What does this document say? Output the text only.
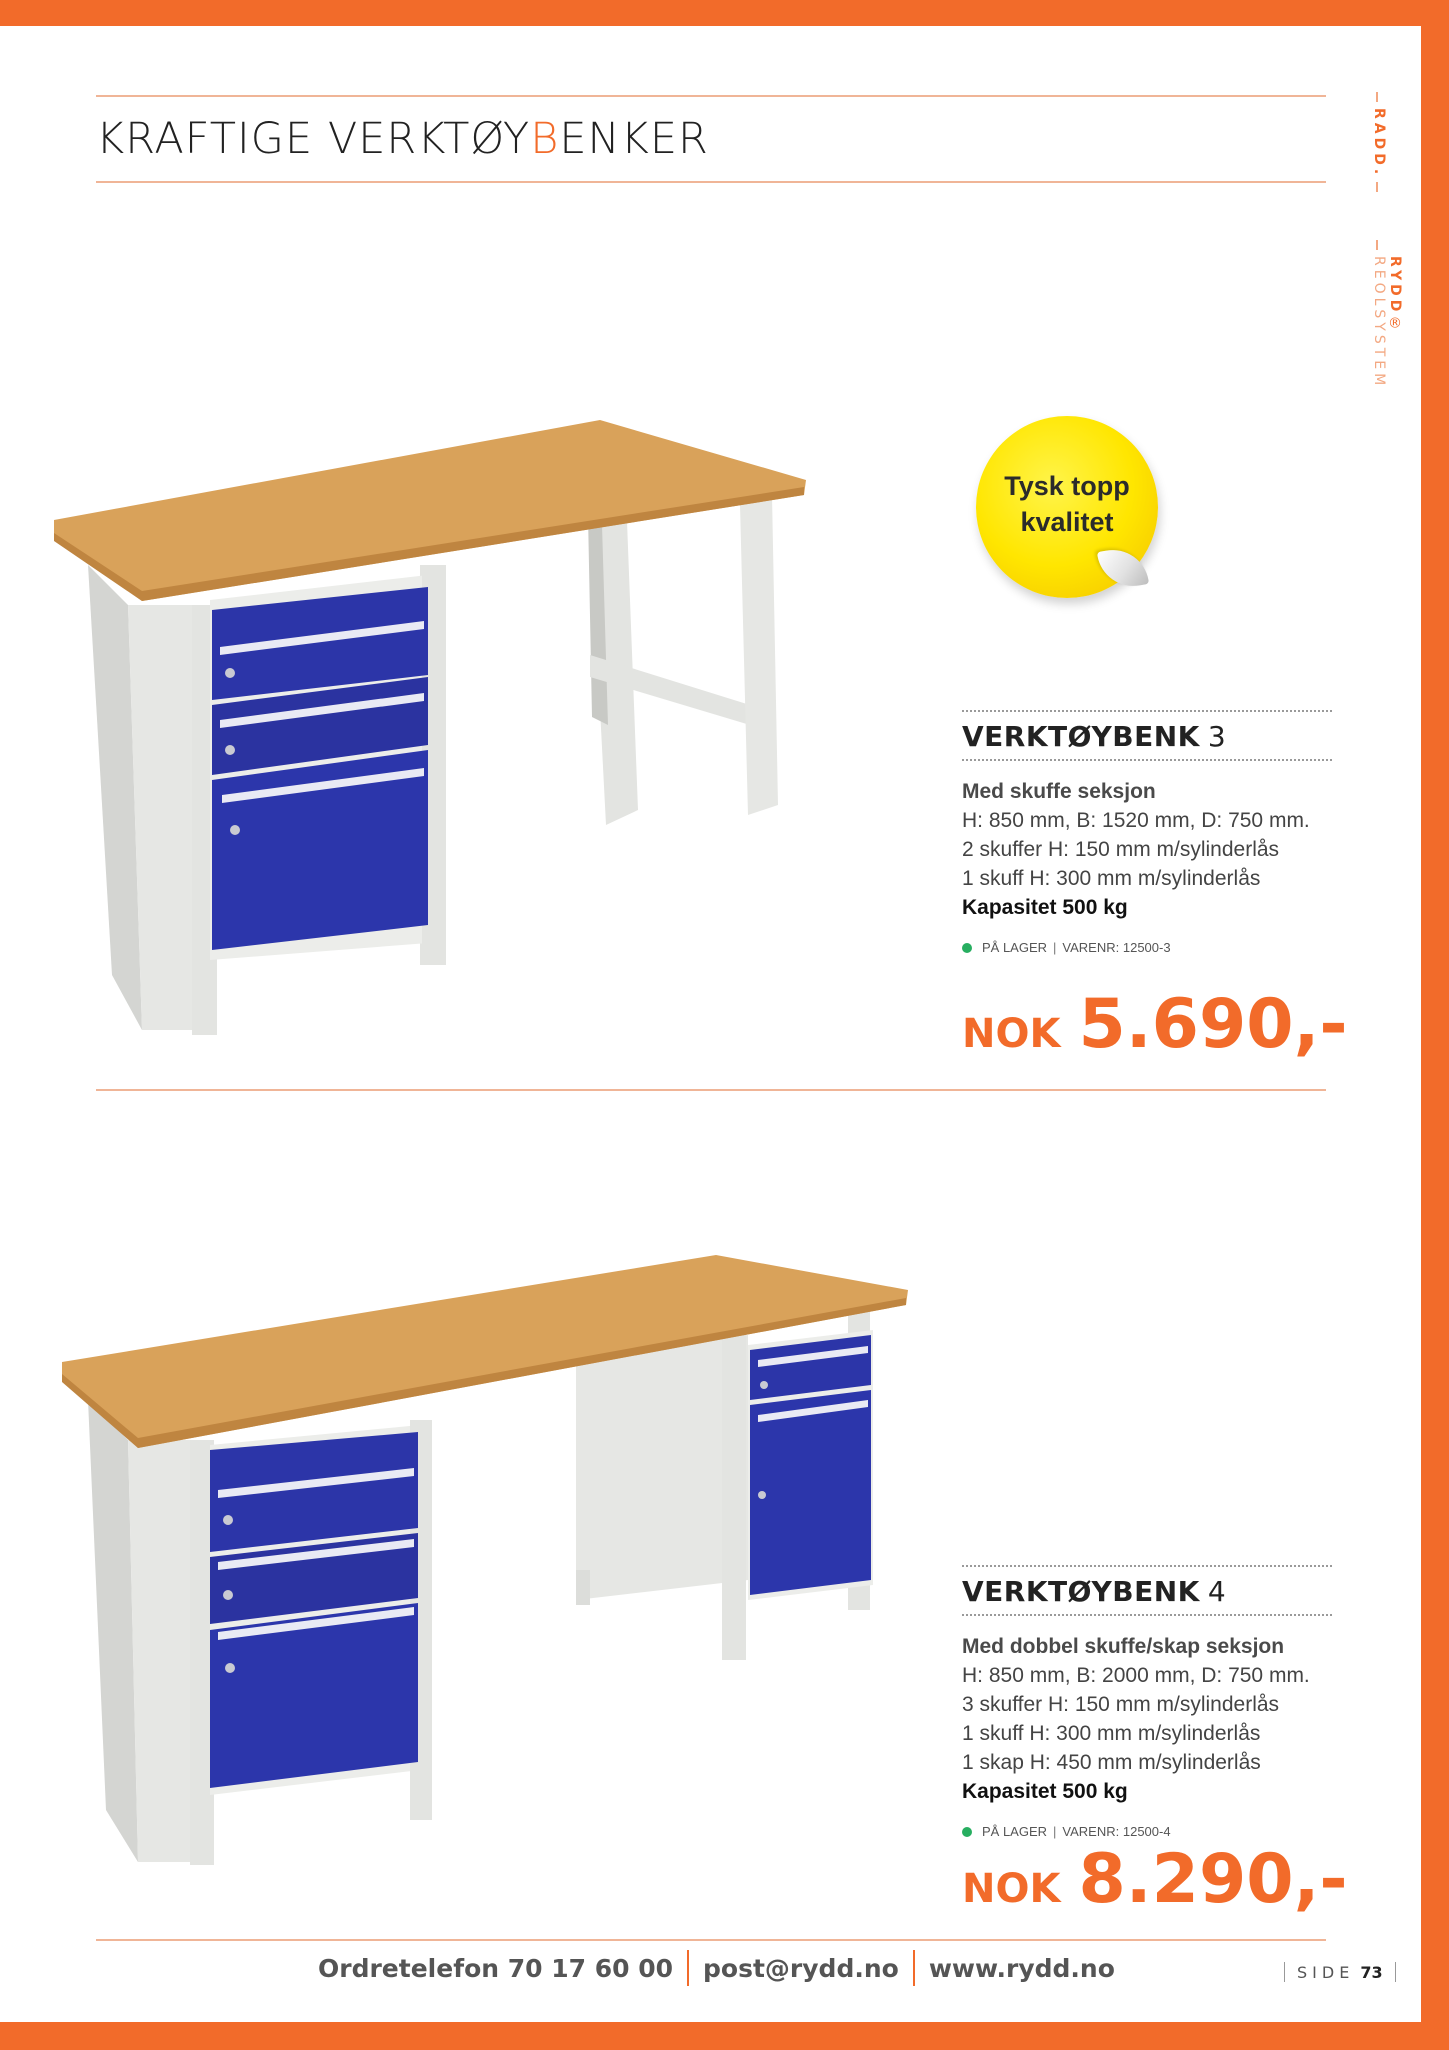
KRAFTIGE VERKTØYBENKER	RADD.
RYDD® REOLSYSTEM
Tysk topp
kvalitet
VERKTØYBENK 3
Med skuffe seksjon
H: 850 mm, B: 1520 mm, D: 750 mm.
2 skuffer H: 150 mm m/sylinderlås
1 skuff H: 300 mm m/sylinderlås
Kapasitet 500 kg
PÅ LAGER | VARENR: 12500-3
NOK 5.690,-
VERKTØYBENK 4
Med dobbel skuffe/skap seksjon
H: 850 mm, B: 2000 mm, D: 750 mm.
3 skuffer H: 150 mm m/sylinderlås
1 skuff H: 300 mm m/sylinderlås
1 skap H: 450 mm m/sylinderlås
Kapasitet 500 kg
PÅ LAGER | VARENR: 12500-4
NOK 8.290,-
Ordretelefon 70 17 60 00 post@rydd.no www.rydd.no	SIDE 73
